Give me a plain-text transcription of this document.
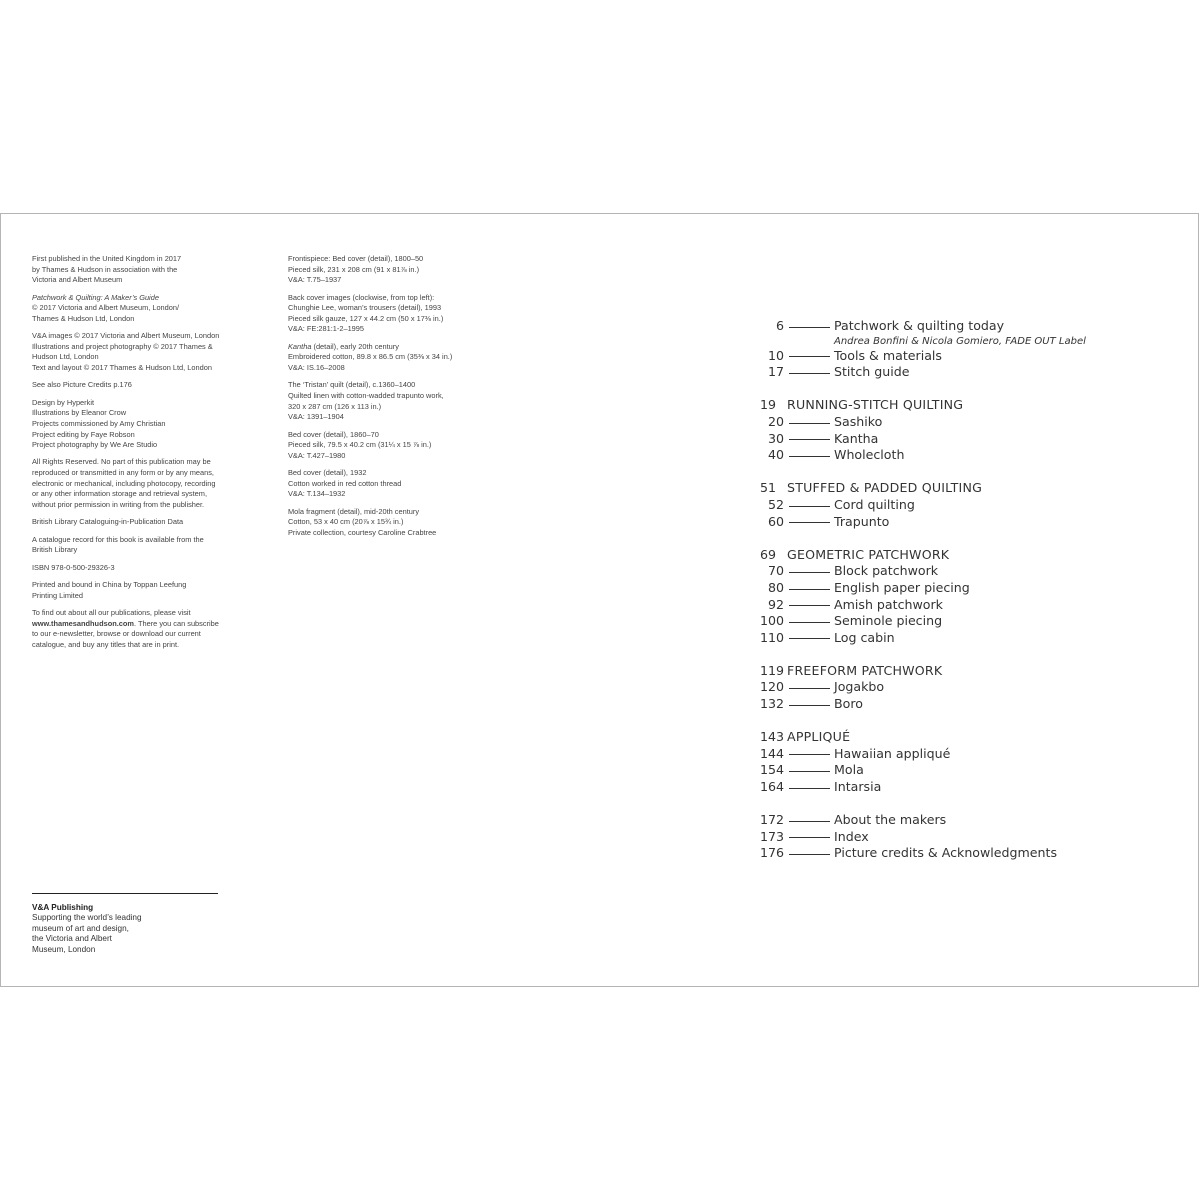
First published in the United Kingdom in 2017
by Thames & Hudson in association with the
Victoria and Albert Museum

Patchwork & Quilting: A Maker’s Guide
© 2017 Victoria and Albert Museum, London/
Thames & Hudson Ltd, London

V&A images © 2017 Victoria and Albert Museum, London
Illustrations and project photography © 2017 Thames &
Hudson Ltd, London
Text and layout © 2017 Thames & Hudson Ltd, London

See also Picture Credits p.176

Design by Hyperkit
Illustrations by Eleanor Crow
Projects commissioned by Amy Christian
Project editing by Faye Robson
Project photography by We Are Studio

All Rights Reserved. No part of this publication may be
reproduced or transmitted in any form or by any means,
electronic or mechanical, including photocopy, recording
or any other information storage and retrieval system,
without prior permission in writing from the publisher.

British Library Cataloguing-in-Publication Data

A catalogue record for this book is available from the
British Library

ISBN 978-0-500-29326-3

Printed and bound in China by Toppan Leefung
Printing Limited

To find out about all our publications, please visit
www.thamesandhudson.com. There you can subscribe
to our e-newsletter, browse or download our current
catalogue, and buy any titles that are in print.

Frontispiece: Bed cover (detail), 1800–50
Pieced silk, 231 x 208 cm (91 x 81⅞ in.)
V&A: T.75–1937

Back cover images (clockwise, from top left):
Chunghie Lee, woman’s trousers (detail), 1993
Pieced silk gauze, 127 x 44.2 cm (50 x 17⅜ in.)
V&A: FE:281:1-2–1995

Kantha (detail), early 20th century
Embroidered cotton, 89.8 x 86.5 cm (35⅜ x 34 in.)
V&A: IS.16–2008

The ‘Tristan’ quilt (detail), c.1360–1400
Quilted linen with cotton-wadded trapunto work,
320 x 287 cm (126 x 113 in.)
V&A: 1391–1904

Bed cover (detail), 1860–70
Pieced silk, 79.5 x 40.2 cm (31¼ x 15 ⅞ in.)
V&A: T.427–1980

Bed cover (detail), 1932
Cotton worked in red cotton thread
V&A: T.134–1932

Mola fragment (detail), mid-20th century
Cotton, 53 x 40 cm (20⅞ x 15¾ in.)
Private collection, courtesy Caroline Crabtree

V&A Publishing
Supporting the world’s leading
museum of art and design,
the Victoria and Albert
Museum, London
6	Patchwork & quilting today
Andrea Bonfini & Nicola Gomiero, FADE OUT Label
10	Tools & materials
17	Stitch guide
19 RUNNING-STITCH QUILTING
20	Sashiko
30	Kantha
40	Wholecloth
51 STUFFED & PADDED QUILTING
52	Cord quilting
60	Trapunto
69 GEOMETRIC PATCHWORK
70	Block patchwork
80	English paper piecing
92	Amish patchwork
100	Seminole piecing
110	Log cabin
119 FREEFORM PATCHWORK
120	Jogakbo
132	Boro
143 APPLIQUÉ
144	Hawaiian appliqué
154	Mola
164	Intarsia
172	About the makers
173	Index
176	Picture credits & Acknowledgments
